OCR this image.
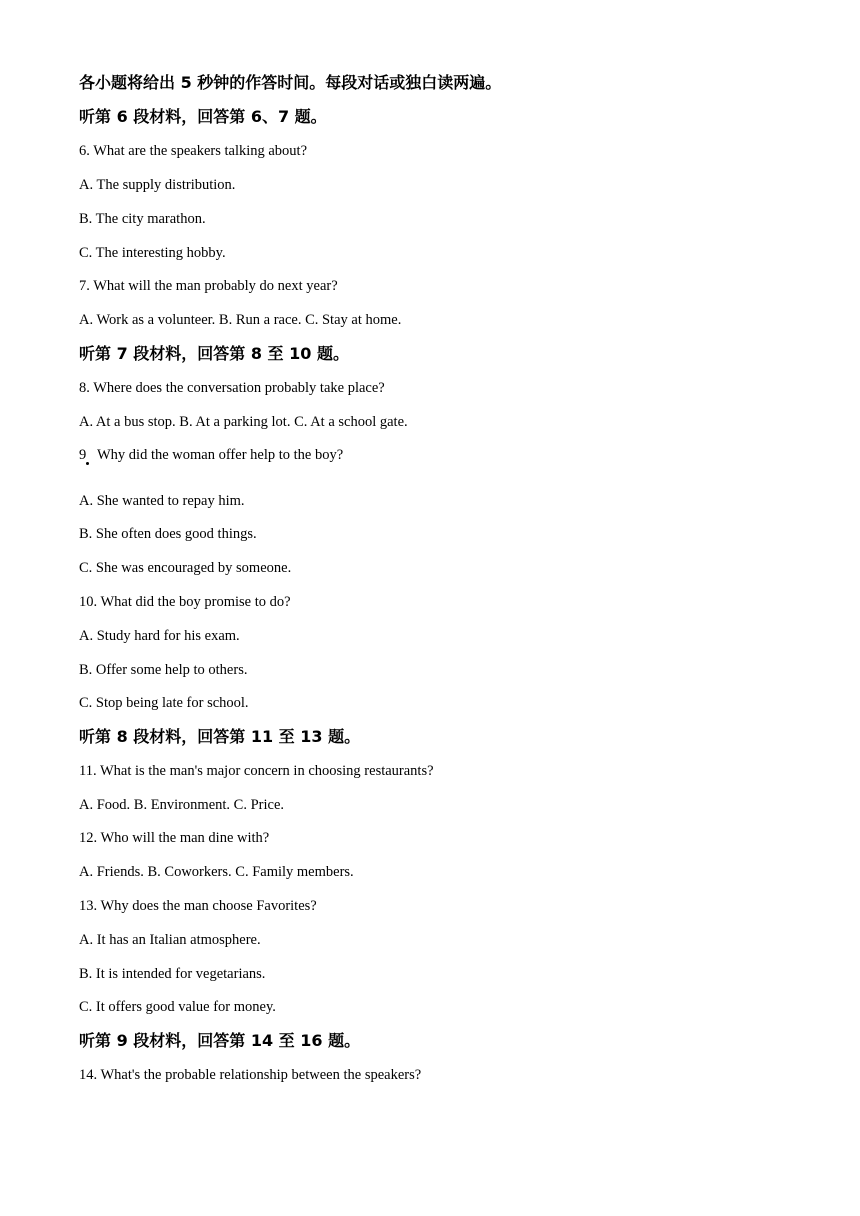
各小题将给出 5 秒钟的作答时间。每段对话或独白读两遍。
听第 6 段材料，回答第 6、7 题。
6. What are the speakers talking about?
A. The supply distribution.
B. The city marathon.
C. The interesting hobby.
7. What will the man probably do next year?
A. Work as a volunteer. B. Run a race. C. Stay at home.
听第 7 段材料，回答第 8 至 10 题。
8. Where does the conversation probably take place?
A. At a bus stop. B. At a parking lot. C. At a school gate.
9 Why did the woman offer help to the boy?
A. She wanted to repay him.
B. She often does good things.
C. She was encouraged by someone.
10. What did the boy promise to do?
A. Study hard for his exam.
B. Offer some help to others.
C. Stop being late for school.
听第 8 段材料，回答第 11 至 13 题。
11. What is the man's major concern in choosing restaurants?
A. Food. B. Environment. C. Price.
12. Who will the man dine with?
A. Friends. B. Coworkers. C. Family members.
13. Why does the man choose Favorites?
A. It has an Italian atmosphere.
B. It is intended for vegetarians.
C. It offers good value for money.
听第 9 段材料，回答第 14 至 16 题。
14. What's the probable relationship between the speakers?
